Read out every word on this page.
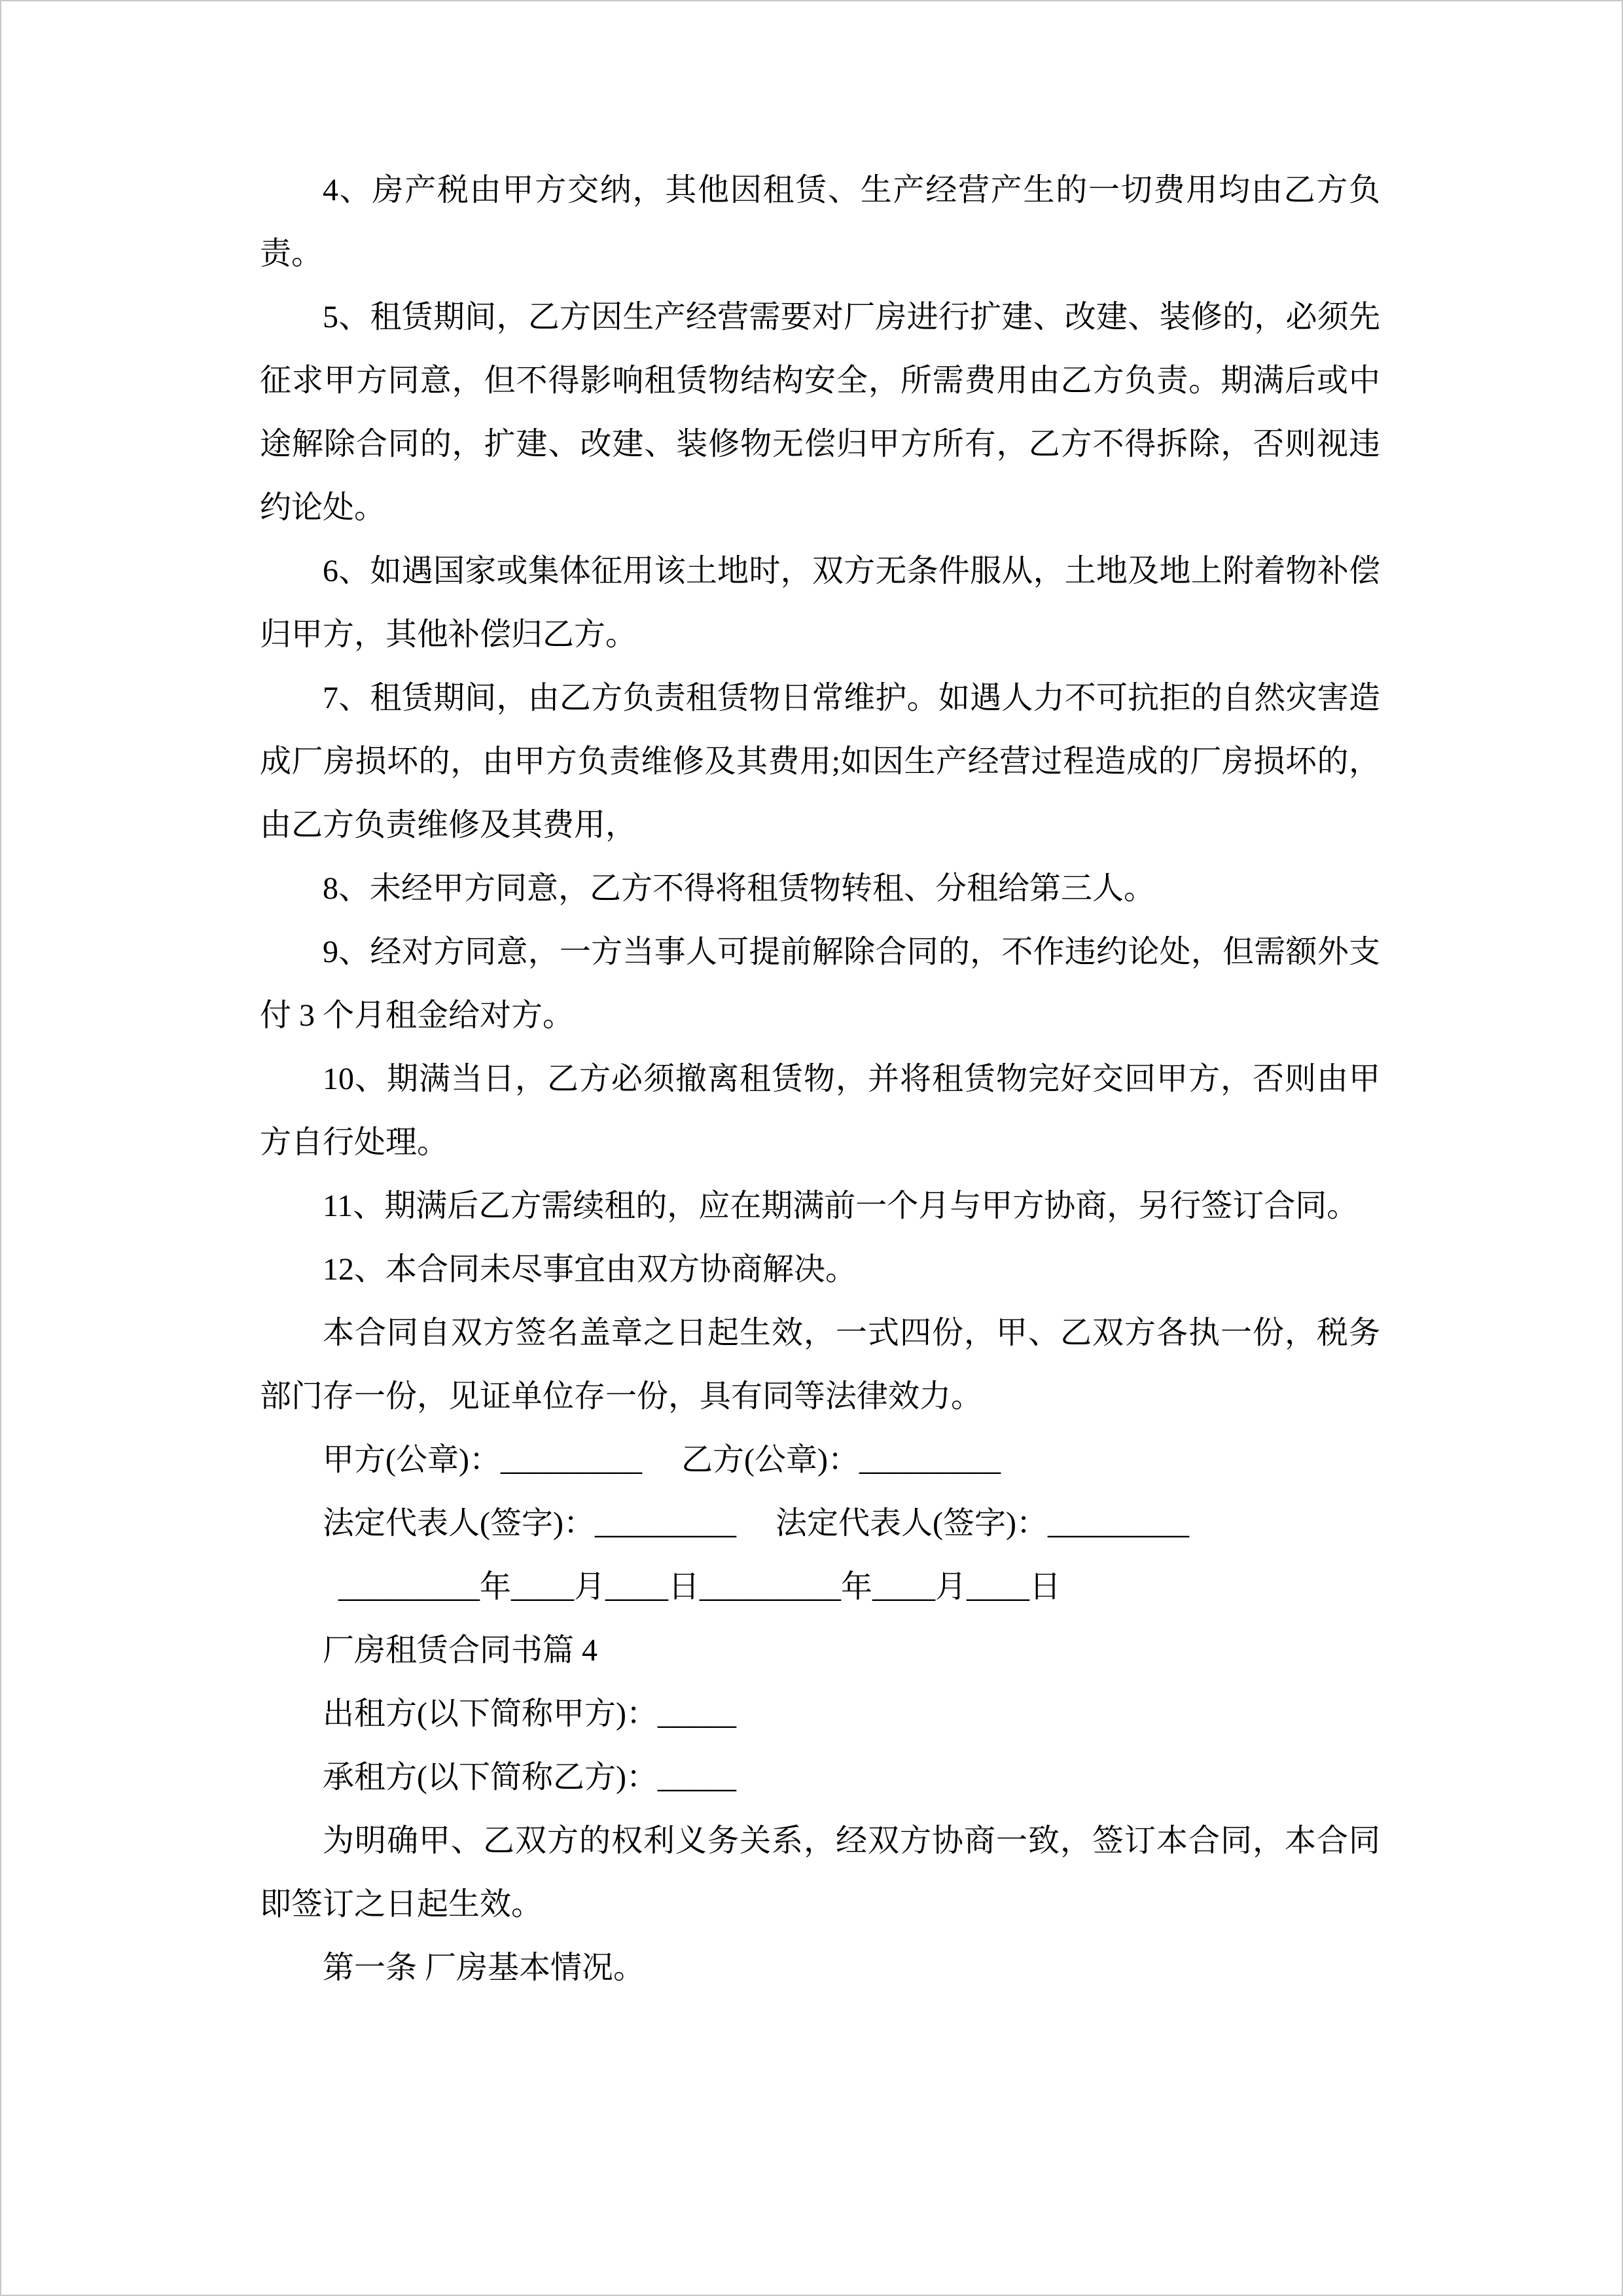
4、房产税由甲方交纳，其他因租赁、生产经营产生的一切费用均由乙方负责。

5、租赁期间，乙方因生产经营需要对厂房进行扩建、改建、装修的，必须先征求甲方同意，但不得影响租赁物结构安全，所需费用由乙方负责。期满后或中途解除合同的，扩建、改建、装修物无偿归甲方所有，乙方不得拆除，否则视违约论处。

6、如遇国家或集体征用该土地时，双方无条件服从，土地及地上附着物补偿归甲方，其他补偿归乙方。

7、租赁期间，由乙方负责租赁物日常维护。如遇人力不可抗拒的自然灾害造成厂房损坏的，由甲方负责维修及其费用;如因生产经营过程造成的厂房损坏的，由乙方负责维修及其费用，

8、未经甲方同意，乙方不得将租赁物转租、分租给第三人。

9、经对方同意，一方当事人可提前解除合同的，不作违约论处，但需额外支付 3 个月租金给对方。

10、期满当日，乙方必须撤离租赁物，并将租赁物完好交回甲方，否则由甲方自行处理。

11、期满后乙方需续租的，应在期满前一个月与甲方协商，另行签订合同。

12、本合同未尽事宜由双方协商解决。

本合同自双方签名盖章之日起生效，一式四份，甲、乙双方各执一份，税务部门存一份，见证单位存一份，具有同等法律效力。

甲方(公章)：_________　 乙方(公章)：_________

法定代表人(签字)：_________　 法定代表人(签字)：_________

_________年____月____日_________年____月____日

厂房租赁合同书篇 4

出租方(以下简称甲方)：_____

承租方(以下简称乙方)：_____

为明确甲、乙双方的权利义务关系，经双方协商一致，签订本合同，本合同即签订之日起生效。

第一条 厂房基本情况。
